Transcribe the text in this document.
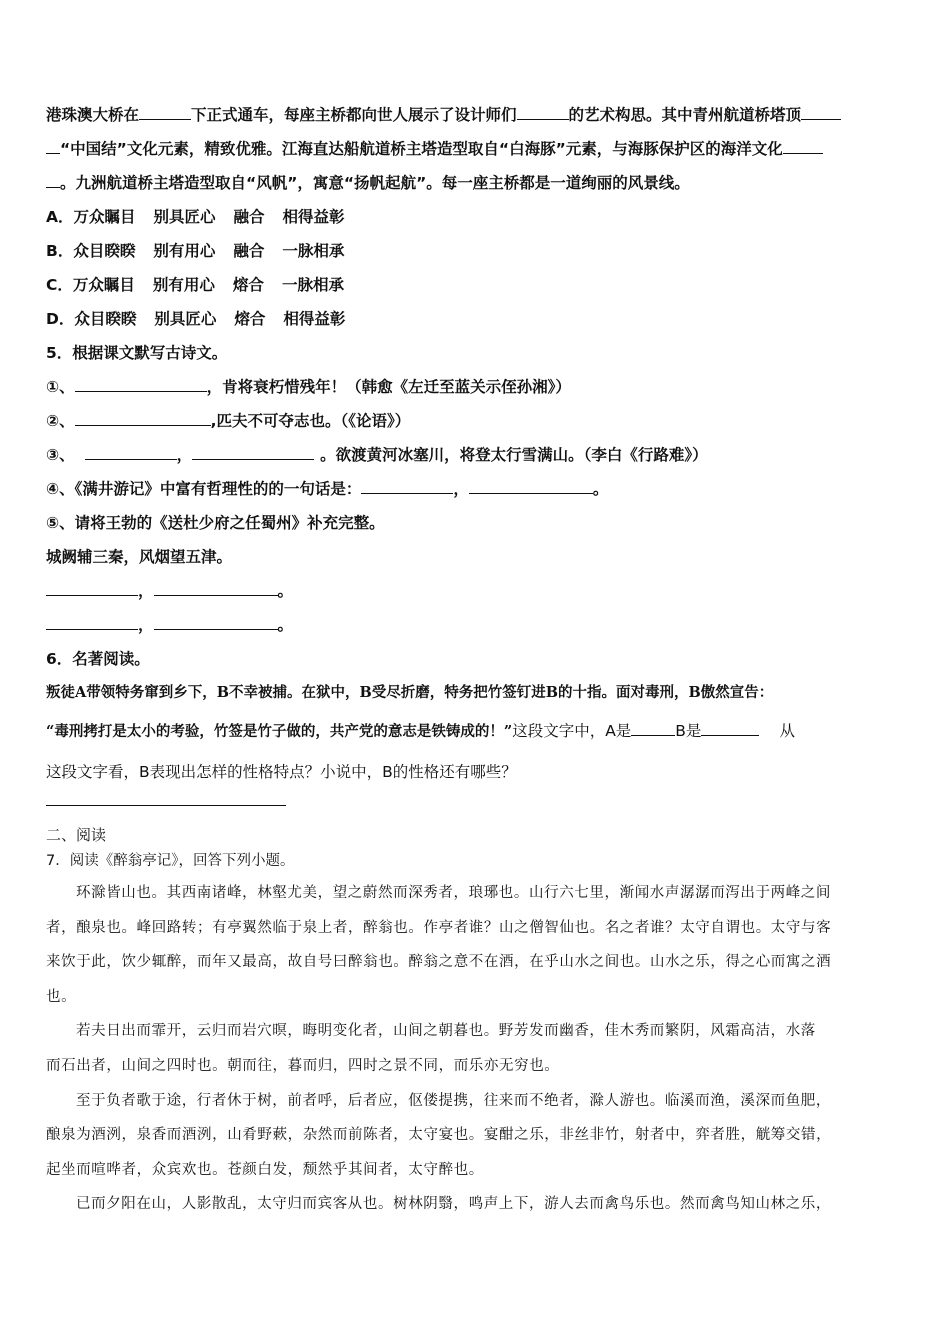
港珠澳大桥在	下正式通车，每座主桥都向世人展示了设计师们	的艺术构思。其中青州航道桥塔顶
“中国结”文化元素，精致优雅。江海直达船航道桥主塔造型取自“白海豚”元素，与海豚保护区的海洋文化
。九洲航道桥主塔造型取自“风帆”，寓意“扬帆起航”。每一座主桥都是一道绚丽的风景线。
A．万众瞩目 别具匠心 融合 相得益彰
B．众目睽睽 别有用心 融合 一脉相承
C．万众瞩目 别有用心 熔合 一脉相承
D．众目睽睽 别具匠心 熔合 相得益彰
5．根据课文默写古诗文。
①、	，肯将衰朽惜残年！（韩愈《左迁至蓝关示侄孙湘》）
②、	,匹夫不可夺志也。（《论语》）
③、	，	。欲渡黄河冰塞川，将登太行雪满山。（李白《行路难》）
④、《满井游记》中富有哲理性的的一句话是：	，	。
⑤、请将王勃的《送杜少府之任蜀州》补充完整。
城阙辅三秦，风烟望五津。
，	。
，	。
6．名著阅读。
叛徒A带领特务窜到乡下，B不幸被捕。在狱中，B受尽折磨，特务把竹签钉进B的十指。面对毒刑，B傲然宣告：
“毒刑拷打是太小的考验，竹签是竹子做的，共产党的意志是铁铸成的！”这段文字中，A是	B是	从
这段文字看，B表现出怎样的性格特点？小说中，B的性格还有哪些？
二、阅读
7．阅读《醉翁亭记》，回答下列小题。
环滁皆山也。其西南诸峰，林壑尤美，望之蔚然而深秀者，琅琊也。山行六七里，渐闻水声潺潺而泻出于两峰之间
者，酿泉也。峰回路转；有亭翼然临于泉上者，醉翁也。作亭者谁？山之僧智仙也。名之者谁？太守自谓也。太守与客
来饮于此，饮少辄醉，而年又最高，故自号曰醉翁也。醉翁之意不在酒，在乎山水之间也。山水之乐，得之心而寓之酒
也。
若夫日出而霏开，云归而岩穴暝，晦明变化者，山间之朝暮也。野芳发而幽香，佳木秀而繁阴，风霜高洁，水落
而石出者，山间之四时也。朝而往，暮而归，四时之景不同，而乐亦无穷也。
至于负者歌于途，行者休于树，前者呼，后者应，伛偻提携，往来而不绝者，滁人游也。临溪而渔，溪深而鱼肥，
酿泉为酒洌，泉香而酒洌，山肴野蔌，杂然而前陈者，太守宴也。宴酣之乐，非丝非竹，射者中，弈者胜，觥筹交错，
起坐而喧哗者，众宾欢也。苍颜白发，颓然乎其间者，太守醉也。
已而夕阳在山，人影散乱，太守归而宾客从也。树林阴翳，鸣声上下，游人去而禽鸟乐也。然而禽鸟知山林之乐，
